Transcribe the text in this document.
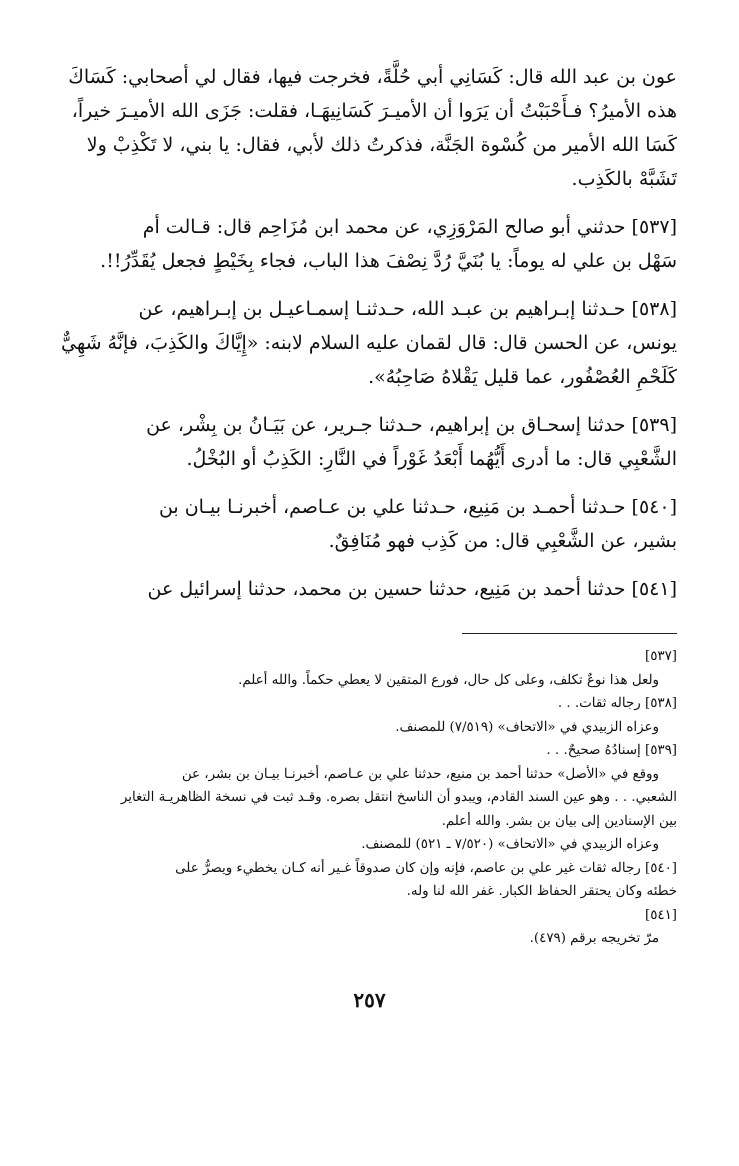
عون بن عبد الله قال: كَسَانِي أبي حُلَّةً، فخرجت فيها، فقال لي أصحابي: كَسَاكَ
هذه الأميرُ؟ فـأَحْبَبْتُ أن يَرَوا أن الأميـرَ كَسَانِيهَـا، فقلت: جَزَى الله الأميـرَ خيراً،
كَسَا الله الأمير من كُسْوة الجَنَّة، فذكرتُ ذلك لأبي، فقال: يا بني، لا تَكْذِبْ ولا
تَشَبَّهْ بالكَذِب.
[٥٣٧] حدثني أبو صالح المَرْوَزِي، عن محمد ابن مُزَاحِم قال: قـالت أم
سَهْل بن علي له يوماً: يا بُنَيَّ رُدَّ نِصْفَ هذا الباب، فجاء بِخَيْطٍ فجعل يُقَدِّرُ!!.
[٥٣٨] حـدثنا إبـراهيم بن عبـد الله، حـدثنـا إسمـاعيـل بن إبـراهيم، عن
يونس، عن الحسن قال: قال لقمان عليه السلام لابنه: «إِيَّاكَ والكَذِبَ، فإنَّهُ شَهِيٌّ
كَلَحْمِ العُصْفُور، عما قليل يَقْلاهُ صَاحِبُهُ».
[٥٣٩] حدثنا إسحـاق بن إبراهيم، حـدثنا جـرير، عن بَيَـانُ بن بِشْر، عن
الشَّعْبِي قال: ما أدرى أَيُّهُما أَبْعَدُ غَوْراً في النَّارِ: الكَذِبُ أو البُخْلُ.
[٥٤٠] حـدثنا أحمـد بن مَنِيع، حـدثنا علي بن عـاصم، أخبرنـا بيـان بن
بشير، عن الشَّعْبِي قال: من كَذِب فهو مُنَافِقٌ.
[٥٤١] حدثنا أحمد بن مَنِيع، حدثنا حسين بن محمد، حدثنا إسرائيل عن
[٥٣٧]
ولعل هذا نوعٌ تكلف، وعلى كل حال، فورع المتقين لا يعطي حكماً. والله أعلم.
[٥٣٨] رجاله ثقات. . .
وعزاه الزبيدي في «الاتحاف» (٧/٥١٩) للمصنف.
[٥٣٩] إسنادُهُ صحيحٌ. . .
ووقع في «الأصل» حدثنا أحمد بن منيع، حدثنا علي بن عـاصم، أخبرنـا بيـان بن بشر، عن
الشعبي. . . وهو عين السند القادم، ويبدو أن الناسخ انتقل بصره. وقـد ثبت في نسخة الظاهريـة التغاير
بين الإسنادين إلى بيان بن بشر. والله أعلم.
وعزاه الزبيدي في «الاتحاف» (٧/٥٢٠ ـ ٥٢١) للمصنف.
[٥٤٠] رجاله ثقات غير علي بن عاصم، فإنه وإن كان صدوقاً غـير أنه كـان يخطيء ويصرُّ على
خطئه وكان يحتقر الحفاظ الكبار. غفر الله لنا وله.
[٥٤١]
مرّ تخريجه برقم (٤٧٩).
٢٥٧
